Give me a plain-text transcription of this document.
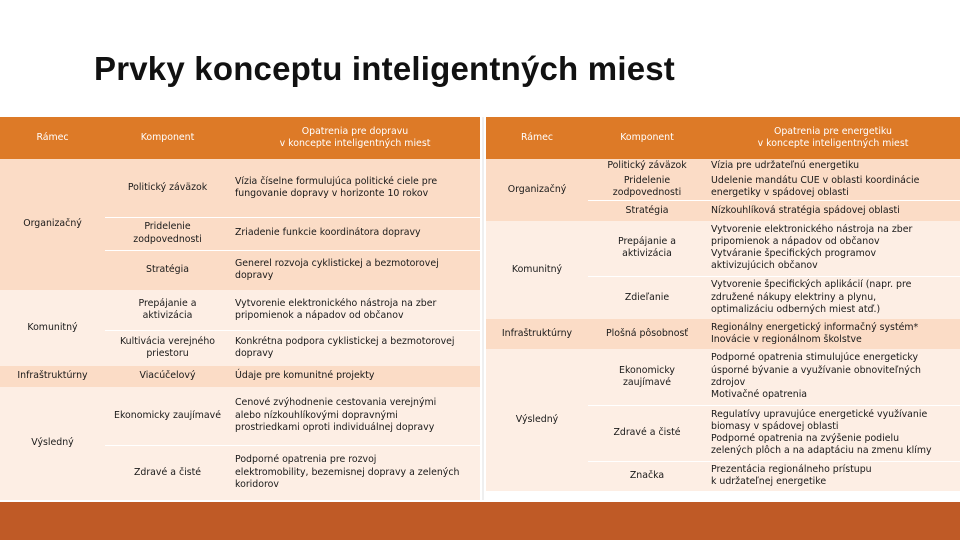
Prvky konceptu inteligentných miest
Rámec	Komponent	Opatrenia pre dopravu
v koncepte inteligentných miest

Organizačný	Politický záväzok	Vízia číselne formulujúca politické ciele pre
fungovanie dopravy v horizonte 10 rokov

	Pridelenie
zodpovednosti	Zriadenie funkcie koordinátora dopravy

	Stratégia	Generel rozvoja cyklistickej a bezmotorovej
dopravy

Komunitný	Prepájanie a
aktivizácia	Vytvorenie elektronického nástroja na zber
pripomienok a nápadov od občanov

	Kultivácia verejného
priestoru	Konkrétna podpora cyklistickej a bezmotorovej
dopravy

Infraštruktúrny	Viacúčelový	Údaje pre komunitné projekty

Výsledný	Ekonomicky zaujímavé	Cenové zvýhodnenie cestovania verejnými
alebo nízkouhlíkovými dopravnými
prostriedkami oproti individuálnej dopravy

	Zdravé a čisté	Podporné opatrenia pre rozvoj
elektromobility, bezemisnej dopravy a zelených
koridorov
Rámec	Komponent	Opatrenia pre energetiku
v koncepte inteligentných miest

Organizačný	Politický záväzok	Vízia pre udržateľnú energetiku

	Pridelenie
zodpovednosti	Udelenie mandátu CUE v oblasti koordinácie
energetiky v spádovej oblasti

	Stratégia	Nízkouhlíková stratégia spádovej oblasti

Komunitný	Prepájanie a
aktivizácia	Vytvorenie elektronického nástroja na zber
pripomienok a nápadov od občanov
Vytváranie špecifických programov
aktivizujúcich občanov

	Zdieľanie	Vytvorenie špecifických aplikácií (napr. pre
združené nákupy elektriny a plynu,
optimalizáciu odberných miest atď.)

Infraštruktúrny	Plošná pôsobnosť	Regionálny energetický informačný systém*
Inovácie v regionálnom školstve

Výsledný	Ekonomicky
zaujímavé	Podporné opatrenia stimulujúce energeticky
úsporné bývanie a využívanie obnoviteľných
zdrojov
Motivačné opatrenia

	Zdravé a čisté	Regulatívy upravujúce energetické využívanie
biomasy v spádovej oblasti
Podporné opatrenia na zvýšenie podielu
zelených plôch a na adaptáciu na zmenu klímy

	Značka	Prezentácia regionálneho prístupu
k udržateľnej energetike
